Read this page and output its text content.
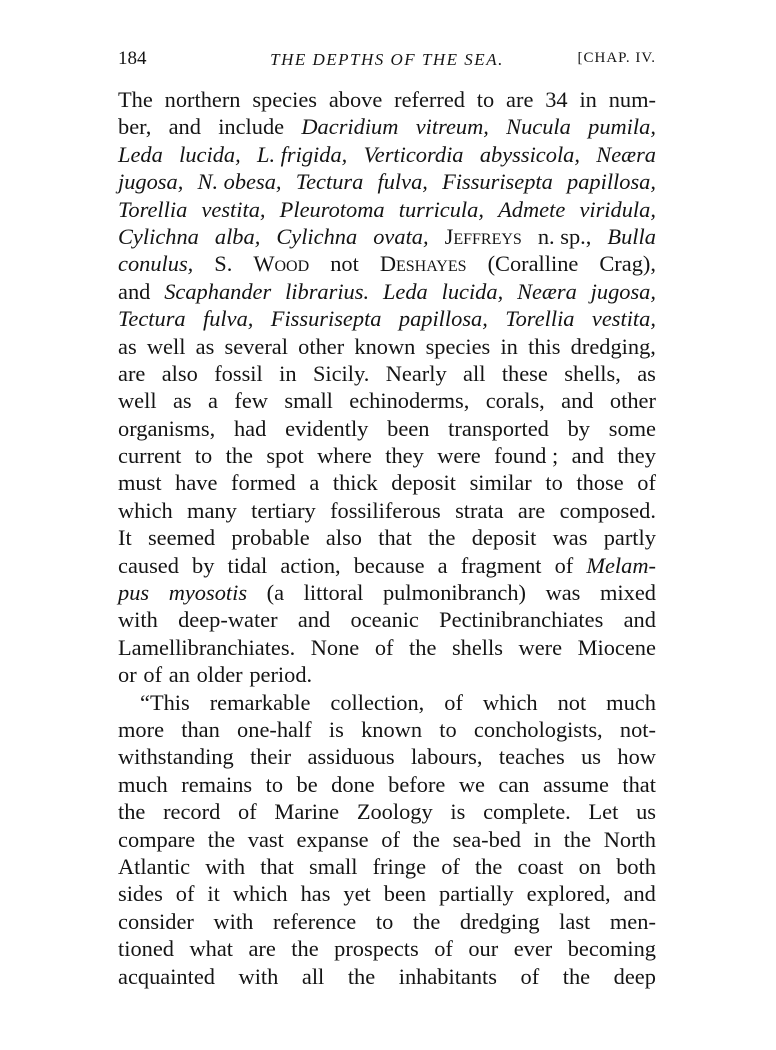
184	THE DEPTHS OF THE SEA.	[CHAP. IV.
The northern species above referred to are 34 in num-
ber, and include Dacridium vitreum, Nucula pumila,
Leda lucida, L. frigida, Verticordia abyssicola, Neæra
jugosa, N. obesa, Tectura fulva, Fissurisepta papillosa,
Torellia vestita, Pleurotoma turricula, Admete viridula,
Cylichna alba, Cylichna ovata, Jeffreys n. sp., Bulla
conulus, S. Wood not Deshayes (Coralline Crag),
and Scaphander librarius. Leda lucida, Neæra jugosa,
Tectura fulva, Fissurisepta papillosa, Torellia vestita,
as well as several other known species in this dredging,
are also fossil in Sicily. Nearly all these shells, as
well as a few small echinoderms, corals, and other
organisms, had evidently been transported by some
current to the spot where they were found ; and they
must have formed a thick deposit similar to those of
which many tertiary fossiliferous strata are composed.
It seemed probable also that the deposit was partly
caused by tidal action, because a fragment of Melam-
pus myosotis (a littoral pulmonibranch) was mixed
with deep-water and oceanic Pectinibranchiates and
Lamellibranchiates. None of the shells were Miocene
or of an older period.
“This remarkable collection, of which not much
more than one-half is known to conchologists, not-
withstanding their assiduous labours, teaches us how
much remains to be done before we can assume that
the record of Marine Zoology is complete. Let us
compare the vast expanse of the sea-bed in the North
Atlantic with that small fringe of the coast on both
sides of it which has yet been partially explored, and
consider with reference to the dredging last men-
tioned what are the prospects of our ever becoming
acquainted with all the inhabitants of the deep
